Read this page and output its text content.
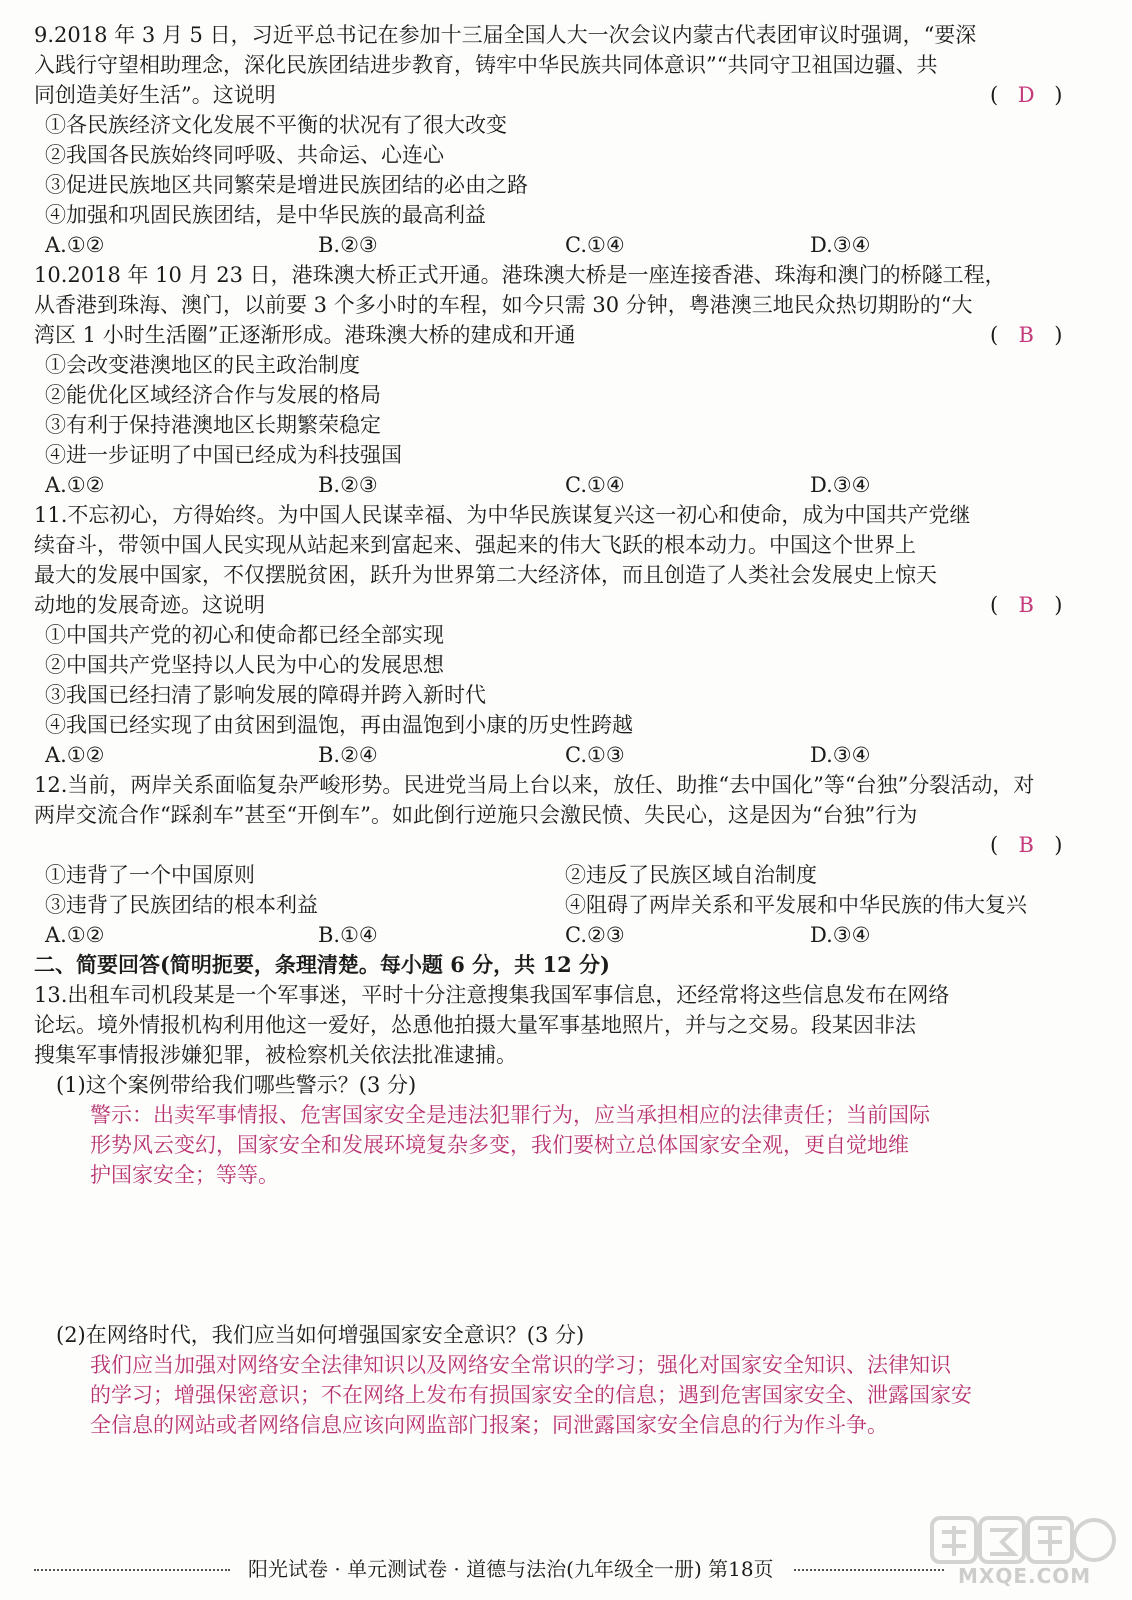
9.2018 年 3 月 5 日，习近平总书记在参加十三届全国人大一次会议内蒙古代表团审议时强调，“要深
入践行守望相助理念，深化民族团结进步教育，铸牢中华民族共同体意识”“共同守卫祖国边疆、共
同创造美好生活”。这说明	( D )
①各民族经济文化发展不平衡的状况有了很大改变
②我国各民族始终同呼吸、共命运、心连心
③促进民族地区共同繁荣是增进民族团结的必由之路
④加强和巩固民族团结，是中华民族的最高利益
A.①②	B.②③	C.①④	D.③④
10.2018 年 10 月 23 日，港珠澳大桥正式开通。港珠澳大桥是一座连接香港、珠海和澳门的桥隧工程，
从香港到珠海、澳门，以前要 3 个多小时的车程，如今只需 30 分钟，粤港澳三地民众热切期盼的“大
湾区 1 小时生活圈”正逐渐形成。港珠澳大桥的建成和开通	( B )
①会改变港澳地区的民主政治制度
②能优化区域经济合作与发展的格局
③有利于保持港澳地区长期繁荣稳定
④进一步证明了中国已经成为科技强国
A.①②	B.②③	C.①④	D.③④
11.不忘初心，方得始终。为中国人民谋幸福、为中华民族谋复兴这一初心和使命，成为中国共产党继
续奋斗，带领中国人民实现从站起来到富起来、强起来的伟大飞跃的根本动力。中国这个世界上
最大的发展中国家，不仅摆脱贫困，跃升为世界第二大经济体，而且创造了人类社会发展史上惊天
动地的发展奇迹。这说明	( B )
①中国共产党的初心和使命都已经全部实现
②中国共产党坚持以人民为中心的发展思想
③我国已经扫清了影响发展的障碍并跨入新时代
④我国已经实现了由贫困到温饱，再由温饱到小康的历史性跨越
A.①②	B.②④	C.①③	D.③④
12.当前，两岸关系面临复杂严峻形势。民进党当局上台以来，放任、助推“去中国化”等“台独”分裂活动，对
两岸交流合作“踩刹车”甚至“开倒车”。如此倒行逆施只会激民愤、失民心，这是因为“台独”行为
( B )
①违背了一个中国原则	②违反了民族区域自治制度
③违背了民族团结的根本利益	④阻碍了两岸关系和平发展和中华民族的伟大复兴
A.①②	B.①④	C.②③	D.③④
二、简要回答(简明扼要，条理清楚。每小题 6 分，共 12 分)
13.出租车司机段某是一个军事迷，平时十分注意搜集我国军事信息，还经常将这些信息发布在网络
论坛。境外情报机构利用他这一爱好，怂恿他拍摄大量军事基地照片，并与之交易。段某因非法
搜集军事情报涉嫌犯罪，被检察机关依法批准逮捕。
(1)这个案例带给我们哪些警示？(3 分)
警示：出卖军事情报、危害国家安全是违法犯罪行为，应当承担相应的法律责任；当前国际
形势风云变幻，国家安全和发展环境复杂多变，我们要树立总体国家安全观，更自觉地维
护国家安全；等等。
(2)在网络时代，我们应当如何增强国家安全意识？(3 分)
我们应当加强对网络安全法律知识以及网络安全常识的学习；强化对国家安全知识、法律知识
的学习；增强保密意识；不在网络上发布有损国家安全的信息；遇到危害国家安全、泄露国家安
全信息的网站或者网络信息应该向网监部门报案；同泄露国家安全信息的行为作斗争。
MXQE.COM
阳光试卷 · 单元测试卷 · 道德与法治(九年级全一册) 第18页
